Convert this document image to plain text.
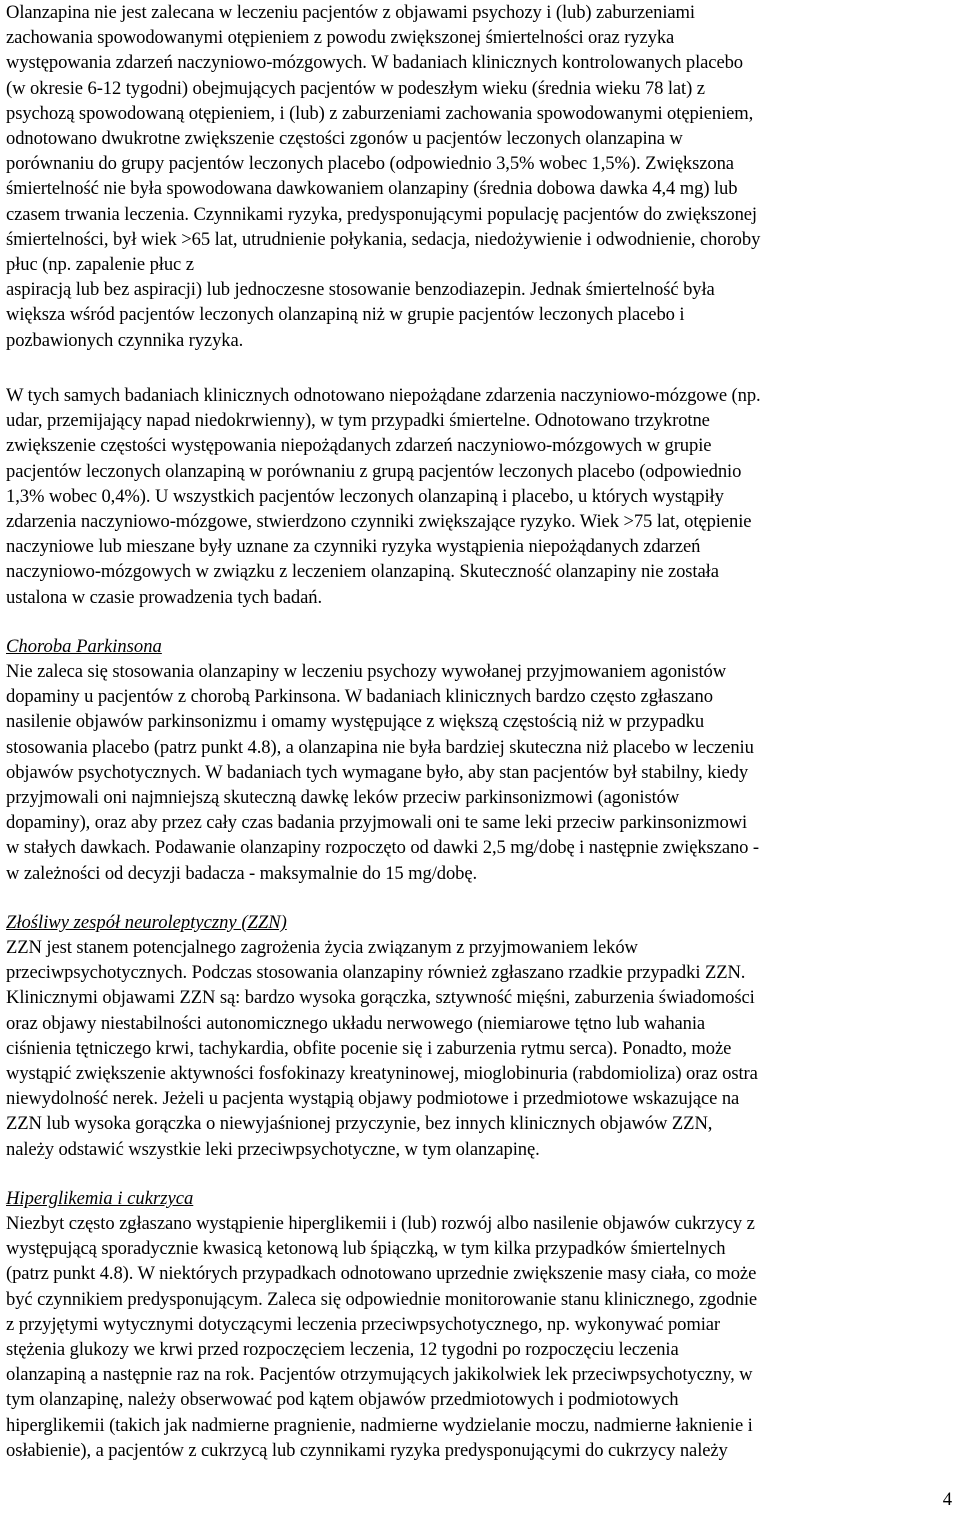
Olanzapina nie jest zalecana w leczeniu pacjentów z objawami psychozy i (lub) zaburzeniami
zachowania spowodowanymi otępieniem z powodu zwiększonej śmiertelności oraz ryzyka
występowania zdarzeń naczyniowo-mózgowych. W badaniach klinicznych kontrolowanych placebo
(w okresie 6-12 tygodni) obejmujących pacjentów w podeszłym wieku (średnia wieku 78 lat) z
psychozą spowodowaną otępieniem, i (lub) z zaburzeniami zachowania spowodowanymi otępieniem,
odnotowano dwukrotne zwiększenie częstości zgonów u pacjentów leczonych olanzapina w
porównaniu do grupy pacjentów leczonych placebo (odpowiednio 3,5% wobec 1,5%). Zwiększona
śmiertelność nie była spowodowana dawkowaniem olanzapiny (średnia dobowa dawka 4,4 mg) lub
czasem trwania leczenia. Czynnikami ryzyka, predysponującymi populację pacjentów do zwiększonej
śmiertelności, był wiek >65 lat, utrudnienie połykania, sedacja, niedożywienie i odwodnienie, choroby
płuc (np. zapalenie płuc z
aspiracją lub bez aspiracji) lub jednoczesne stosowanie benzodiazepin. Jednak śmiertelność była
większa wśród pacjentów leczonych olanzapiną niż w grupie pacjentów leczonych placebo i
pozbawionych czynnika ryzyka.

W tych samych badaniach klinicznych odnotowano niepożądane zdarzenia naczyniowo-mózgowe (np.
udar, przemijający napad niedokrwienny), w tym przypadki śmiertelne. Odnotowano trzykrotne
zwiększenie częstości występowania niepożądanych zdarzeń naczyniowo-mózgowych w grupie
pacjentów leczonych olanzapiną w porównaniu z grupą pacjentów leczonych placebo (odpowiednio
1,3% wobec 0,4%). U wszystkich pacjentów leczonych olanzapiną i placebo, u których wystąpiły
zdarzenia naczyniowo-mózgowe, stwierdzono czynniki zwiększające ryzyko. Wiek >75 lat, otępienie
naczyniowe lub mieszane były uznane za czynniki ryzyka wystąpienia niepożądanych zdarzeń
naczyniowo-mózgowych w związku z leczeniem olanzapiną. Skuteczność olanzapiny nie została
ustalona w czasie prowadzenia tych badań.

Choroba Parkinsona

Nie zaleca się stosowania olanzapiny w leczeniu psychozy wywołanej przyjmowaniem agonistów
dopaminy u pacjentów z chorobą Parkinsona. W badaniach klinicznych bardzo często zgłaszano
nasilenie objawów parkinsonizmu i omamy występujące z większą częstością niż w przypadku
stosowania placebo (patrz punkt 4.8), a olanzapina nie była bardziej skuteczna niż placebo w leczeniu
objawów psychotycznych. W badaniach tych wymagane było, aby stan pacjentów był stabilny, kiedy
przyjmowali oni najmniejszą skuteczną dawkę leków przeciw parkinsonizmowi (agonistów
dopaminy), oraz aby przez cały czas badania przyjmowali oni te same leki przeciw parkinsonizmowi
w stałych dawkach. Podawanie olanzapiny rozpoczęto od dawki 2,5 mg/dobę i następnie zwiększano -
w zależności od decyzji badacza - maksymalnie do 15 mg/dobę.

Złośliwy zespół neuroleptyczny (ZZN)

ZZN jest stanem potencjalnego zagrożenia życia związanym z przyjmowaniem leków
przeciwpsychotycznych. Podczas stosowania olanzapiny również zgłaszano rzadkie przypadki ZZN.
Klinicznymi objawami ZZN są: bardzo wysoka gorączka, sztywność mięśni, zaburzenia świadomości
oraz objawy niestabilności autonomicznego układu nerwowego (niemiarowe tętno lub wahania
ciśnienia tętniczego krwi, tachykardia, obfite pocenie się i zaburzenia rytmu serca). Ponadto, może
wystąpić zwiększenie aktywności fosfokinazy kreatyninowej, mioglobinuria (rabdomioliza) oraz ostra
niewydolność nerek. Jeżeli u pacjenta wystąpią objawy podmiotowe i przedmiotowe wskazujące na
ZZN lub wysoka gorączka o niewyjaśnionej przyczynie, bez innych klinicznych objawów ZZN,
należy odstawić wszystkie leki przeciwpsychotyczne, w tym olanzapinę.

Hiperglikemia i cukrzyca

Niezbyt często zgłaszano wystąpienie hiperglikemii i (lub) rozwój albo nasilenie objawów cukrzycy z
występującą sporadycznie kwasicą ketonową lub śpiączką, w tym kilka przypadków śmiertelnych
(patrz punkt 4.8). W niektórych przypadkach odnotowano uprzednie zwiększenie masy ciała, co może
być czynnikiem predysponującym. Zaleca się odpowiednie monitorowanie stanu klinicznego, zgodnie
z przyjętymi wytycznymi dotyczącymi leczenia przeciwpsychotycznego, np. wykonywać pomiar
stężenia glukozy we krwi przed rozpoczęciem leczenia, 12 tygodni po rozpoczęciu leczenia
olanzapiną a następnie raz na rok. Pacjentów otrzymujących jakikolwiek lek przeciwpsychotyczny, w
tym olanzapinę, należy obserwować pod kątem objawów przedmiotowych i podmiotowych
hiperglikemii (takich jak nadmierne pragnienie, nadmierne wydzielanie moczu, nadmierne łaknienie i
osłabienie), a pacjentów z cukrzycą lub czynnikami ryzyka predysponującymi do cukrzycy należy

4
